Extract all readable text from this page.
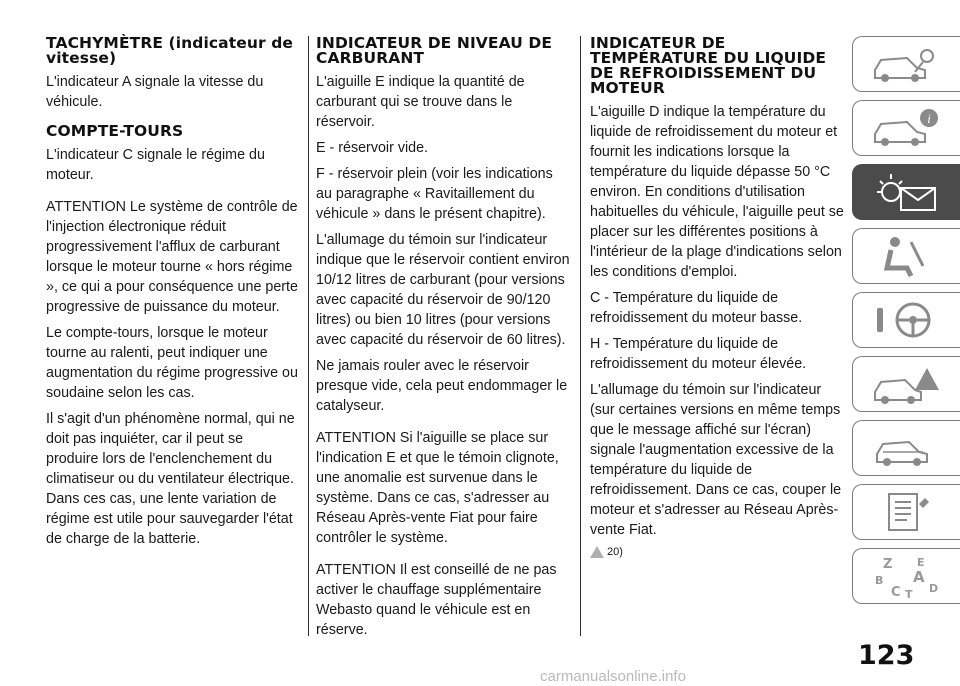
TACHYMÈTRE (indicateur de vitesse)
L'indicateur A signale la vitesse du véhicule.
COMPTE-TOURS
L'indicateur C signale le régime du moteur.
ATTENTION Le système de contrôle de l'injection électronique réduit progressivement l'afflux de carburant lorsque le moteur tourne « hors régime », ce qui a pour conséquence une perte progressive de puissance du moteur.
Le compte-tours, lorsque le moteur tourne au ralenti, peut indiquer une augmentation du régime progressive ou soudaine selon les cas.
Il s'agit d'un phénomène normal, qui ne doit pas inquiéter, car il peut se produire lors de l'enclenchement du climatiseur ou du ventilateur électrique. Dans ces cas, une lente variation de régime est utile pour sauvegarder l'état de charge de la batterie.
INDICATEUR DE NIVEAU DE CARBURANT
L'aiguille E indique la quantité de carburant qui se trouve dans le réservoir.
E - réservoir vide.
F - réservoir plein (voir les indications au paragraphe « Ravitaillement du véhicule » dans le présent chapitre).
L'allumage du témoin sur l'indicateur indique que le réservoir contient environ 10/12 litres de carburant (pour versions avec capacité du réservoir de 90/120 litres) ou bien 10 litres (pour versions avec capacité du réservoir de 60 litres).
Ne jamais rouler avec le réservoir presque vide, cela peut endommager le catalyseur.
ATTENTION Si l'aiguille se place sur l'indication E et que le témoin clignote, une anomalie est survenue dans le système. Dans ce cas, s'adresser au Réseau Après-vente Fiat pour faire contrôler le système.
ATTENTION Il est conseillé de ne pas activer le chauffage supplémentaire Webasto quand le véhicule est en réserve.
INDICATEUR DE TEMPÉRATURE DU LIQUIDE DE REFROIDISSEMENT DU MOTEUR
L'aiguille D indique la température du liquide de refroidissement du moteur et fournit les indications lorsque la température du liquide dépasse 50 °C environ. En conditions d'utilisation habituelles du véhicule, l'aiguille peut se placer sur les différentes positions à l'intérieur de la plage d'indications selon les conditions d'emploi.
C - Température du liquide de refroidissement du moteur basse.
H - Température du liquide de refroidissement du moteur élevée.
L'allumage du témoin sur l'indicateur (sur certaines versions en même temps que le message affiché sur l'écran) signale l'augmentation excessive de la température du liquide de refroidissement. Dans ce cas, couper le moteur et s'adresser au Réseau Après-vente Fiat.
20)
i
Z E
B A
C T D
123
carmanualsonline.info
